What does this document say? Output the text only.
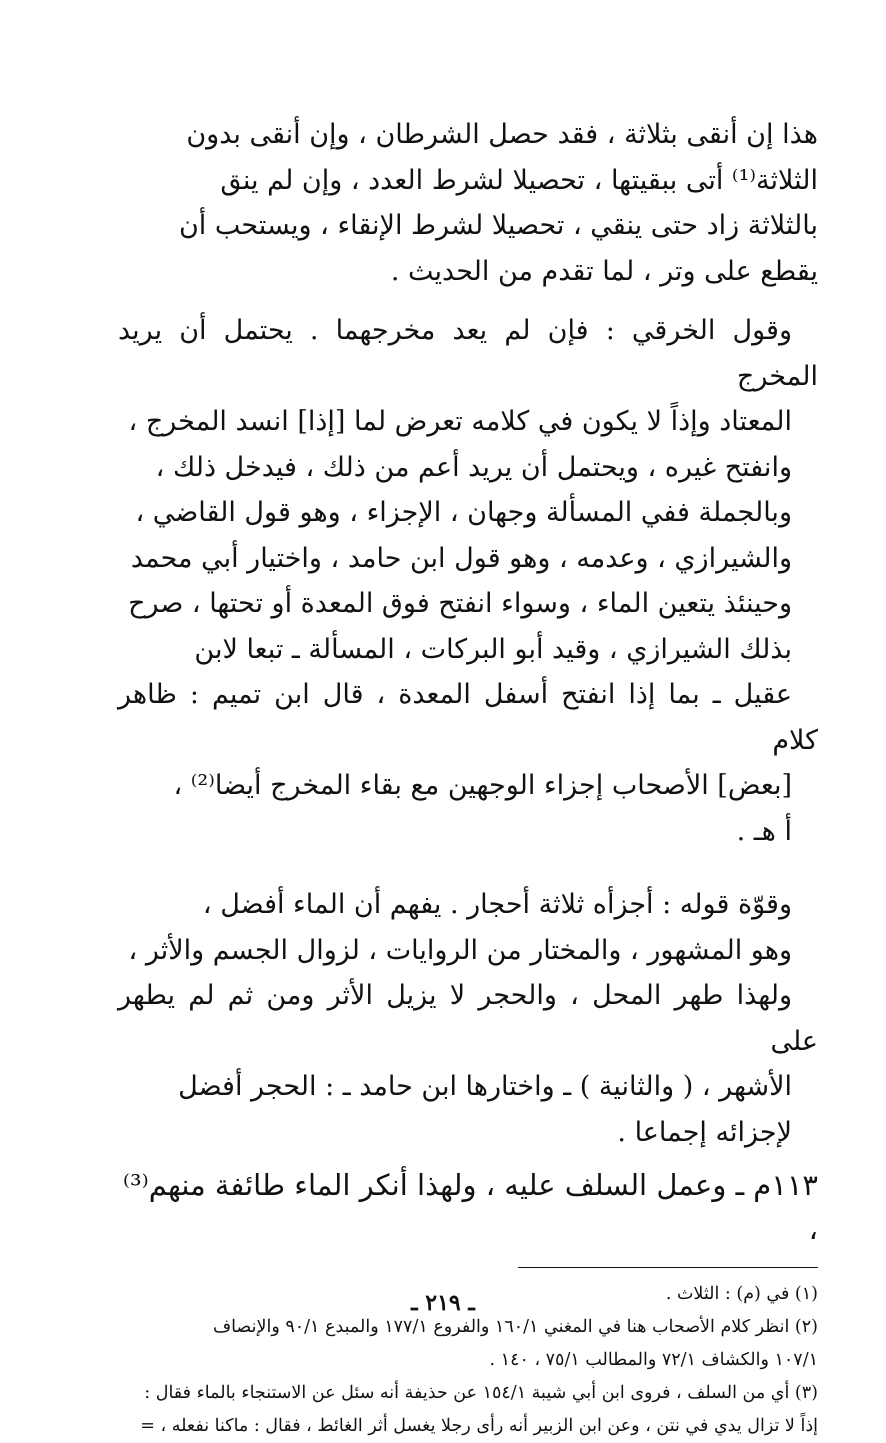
هذا إن أنقى بثلاثة ، فقد حصل الشرطان ، وإن أنقى بدون
الثلاثة⁽¹⁾ أتى ببقيتها ، تحصيلا لشرط العدد ، وإن لم ينق
بالثلاثة زاد حتى ينقي ، تحصيلا لشرط الإنقاء ، ويستحب أن
يقطع على وتر ، لما تقدم من الحديث .

وقول الخرقي : فإن لم يعد مخرجهما . يحتمل أن يريد المخرج
المعتاد وإذاً لا يكون في كلامه تعرض لما [إذا] انسد المخرج ،
وانفتح غيره ، ويحتمل أن يريد أعم من ذلك ، فيدخل ذلك ،
وبالجملة ففي المسألة وجهان ، الإجزاء ، وهو قول القاضي ،
والشيرازي ، وعدمه ، وهو قول ابن حامد ، واختيار أبي محمد
وحينئذ يتعين الماء ، وسواء انفتح فوق المعدة أو تحتها ، صرح
بذلك الشيرازي ، وقيد أبو البركات ، المسألة ـ تبعا لابن
عقيل ـ بما إذا انفتح أسفل المعدة ، قال ابن تميم : ظاهر كلام
[بعض] الأصحاب إجزاء الوجهين مع بقاء المخرج أيضا⁽²⁾ ،
أ هـ .

وقوّة قوله : أجزأه ثلاثة أحجار . يفهم أن الماء أفضل ،
وهو المشهور ، والمختار من الروايات ، لزوال الجسم والأثر ،
ولهذا طهر المحل ، والحجر لا يزيل الأثر ومن ثم لم يطهر على
الأشهر ، ( والثانية ) ـ واختارها ابن حامد ـ : الحجر أفضل
لإجزائه إجماعا .

١١٣م ـ وعمل السلف عليه ، ولهذا أنكر الماء طائفة منهم⁽³⁾ ،
(١) في (م) : الثلاث .
(٢) انظر كلام الأصحاب هنا في المغني ١٦٠/١ والفروع ١٧٧/١ والمبدع ٩٠/١ والإنصاف
١٠٧/١ والكشاف ٧٢/١ والمطالب ٧٥/١ ، ١٤٠ .
(٣) أي من السلف ، فروى ابن أبي شيبة ١٥٤/١ عن حذيفة أنه سئل عن الاستنجاء بالماء فقال :
إذاً لا تزال يدي في نتن ، وعن ابن الزبير أنه رأى رجلا يغسل أثر الغائط ، فقال : ماكنا نفعله ، =
ـ ٢١٩ ـ
